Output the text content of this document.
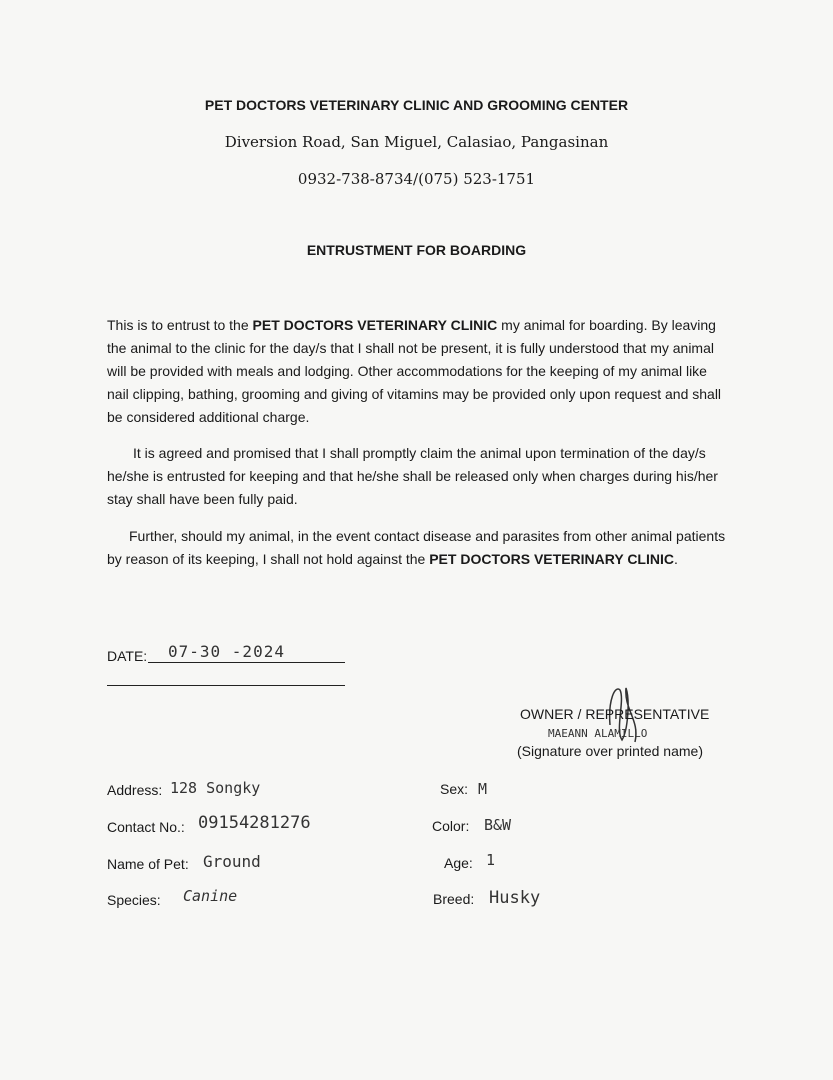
PET DOCTORS VETERINARY CLINIC AND GROOMING CENTER
Diversion Road, San Miguel, Calasiao, Pangasinan
0932-738-8734/(075) 523-1751
ENTRUSTMENT FOR BOARDING

This is to entrust to the PET DOCTORS VETERINARY CLINIC my animal for boarding. By leaving the animal to the clinic for the day/s that I shall not be present, it is fully understood that my animal will be provided with meals and lodging. Other accommodations for the keeping of my animal like nail clipping, bathing, grooming and giving of vitamins may be provided only upon request and shall be considered additional charge.

It is agreed and promised that I shall promptly claim the animal upon termination of the day/s he/she is entrusted for keeping and that he/she shall be released only when charges during his/her stay shall have been fully paid.

Further, should my animal, in the event contact disease and parasites from other animal patients by reason of its keeping, I shall not hold against the PET DOCTORS VETERINARY CLINIC.

DATE: 07-30 -2024
OWNER / REPRESENTATIVE
MAEANN ALAMILLO
(Signature over printed name)
Address: 128 Songky
Contact No.: 09154281276
Name of Pet: Ground
Species: Canine
Sex: M
Color: B&W
Age: 1
Breed: Husky
